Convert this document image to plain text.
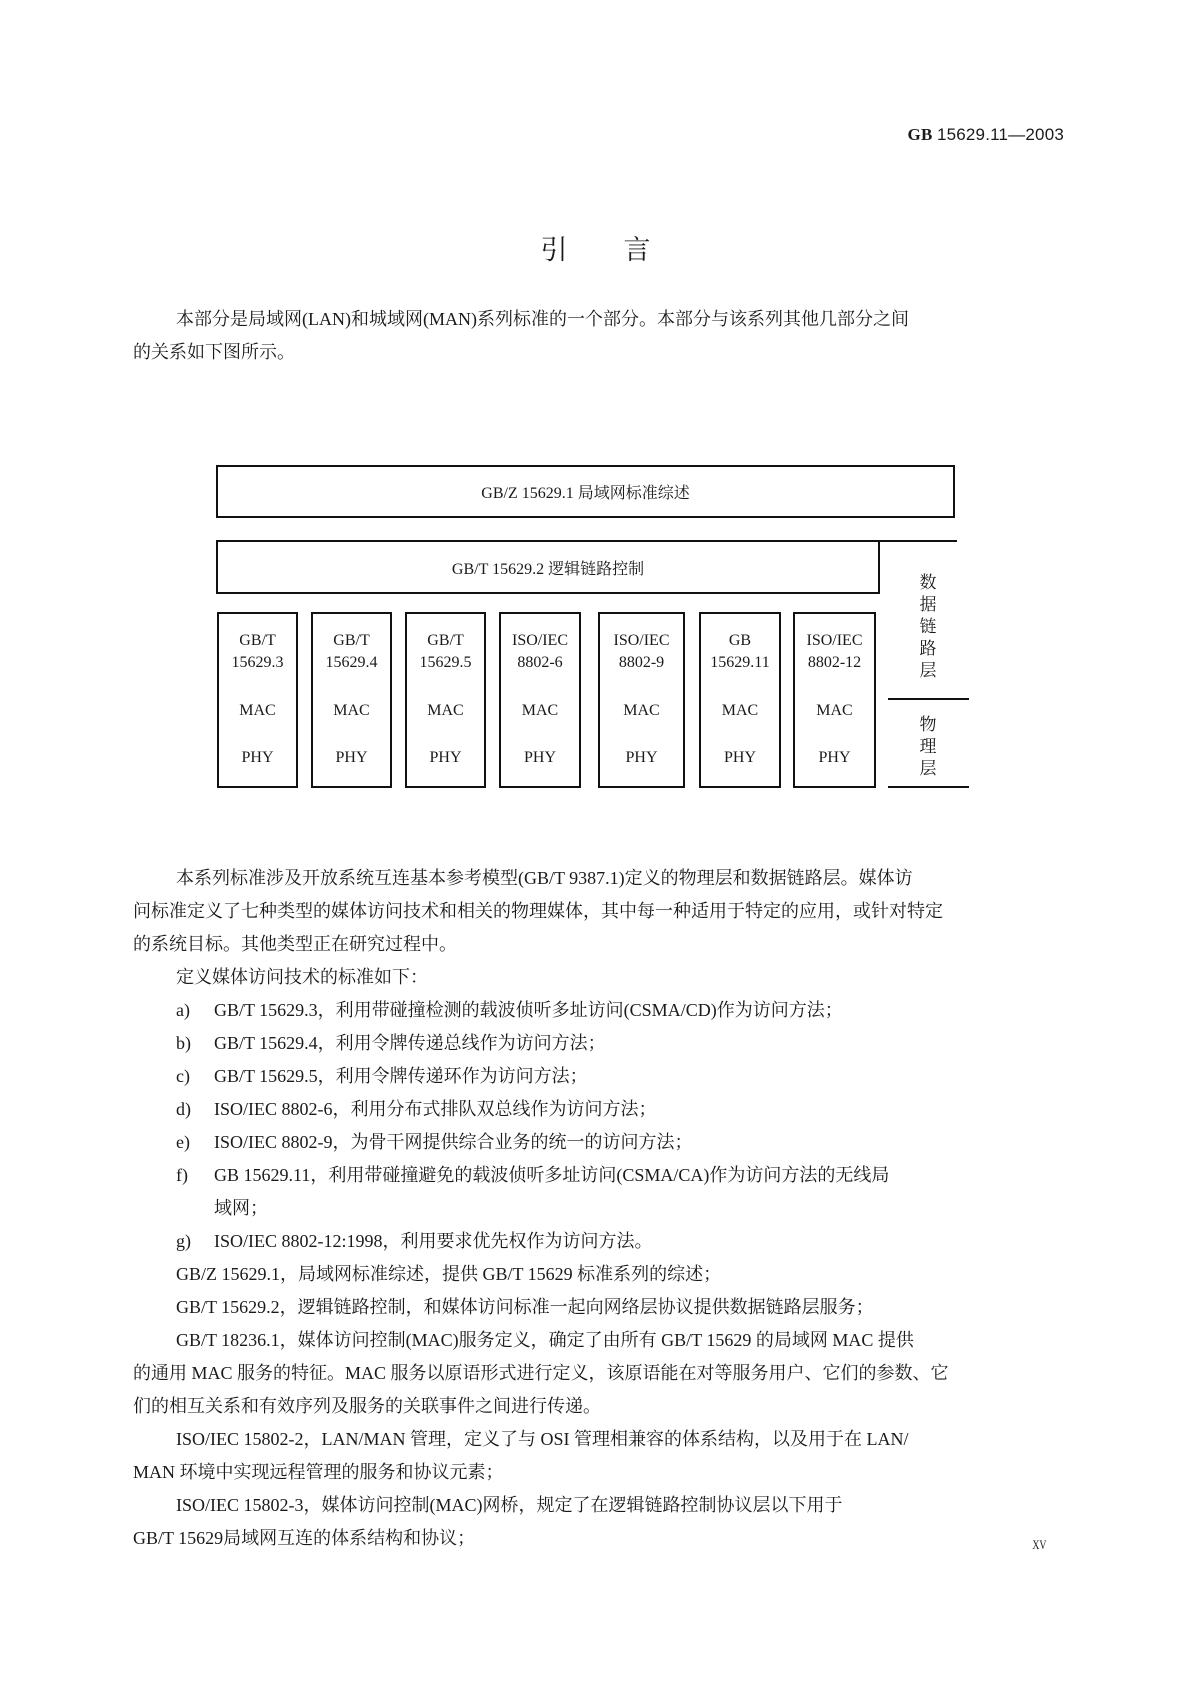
GB 15629.11—2003
引言
本部分是局域网(LAN)和城域网(MAN)系列标准的一个部分。本部分与该系列其他几部分之间
的关系如下图所示。
GB/Z 15629.1 局域网标准综述
GB/T 15629.2 逻辑链路控制
GB/T
15629.3
MAC
PHY
GB/T
15629.4
MAC
PHY
GB/T
15629.5
MAC
PHY
ISO/IEC
8802-6
MAC
PHY
ISO/IEC
8802-9
MAC
PHY
GB
15629.11
MAC
PHY
ISO/IEC
8802-12
MAC
PHY
数
据
链
路
层
物
理
层
本系列标准涉及开放系统互连基本参考模型(GB/T 9387.1)定义的物理层和数据链路层。媒体访
问标准定义了七种类型的媒体访问技术和相关的物理媒体，其中每一种适用于特定的应用，或针对特定
的系统目标。其他类型正在研究过程中。
定义媒体访问技术的标准如下：
a) GB/T 15629.3，利用带碰撞检测的载波侦听多址访问(CSMA/CD)作为访问方法；
b) GB/T 15629.4，利用令牌传递总线作为访问方法；
c) GB/T 15629.5，利用令牌传递环作为访问方法；
d) ISO/IEC 8802-6，利用分布式排队双总线作为访问方法；
e) ISO/IEC 8802-9，为骨干网提供综合业务的统一的访问方法；
f) GB 15629.11，利用带碰撞避免的载波侦听多址访问(CSMA/CA)作为访问方法的无线局
域网；
g) ISO/IEC 8802-12:1998，利用要求优先权作为访问方法。
GB/Z 15629.1，局域网标准综述，提供 GB/T 15629 标准系列的综述；
GB/T 15629.2，逻辑链路控制，和媒体访问标准一起向网络层协议提供数据链路层服务；
GB/T 18236.1，媒体访问控制(MAC)服务定义，确定了由所有 GB/T 15629 的局域网 MAC 提供
的通用 MAC 服务的特征。MAC 服务以原语形式进行定义，该原语能在对等服务用户、它们的参数、它
们的相互关系和有效序列及服务的关联事件之间进行传递。
ISO/IEC 15802-2，LAN/MAN 管理，定义了与 OSI 管理相兼容的体系结构，以及用于在 LAN/
MAN 环境中实现远程管理的服务和协议元素；
ISO/IEC 15802-3，媒体访问控制(MAC)网桥，规定了在逻辑链路控制协议层以下用于
GB/T 15629局域网互连的体系结构和协议；	XV
